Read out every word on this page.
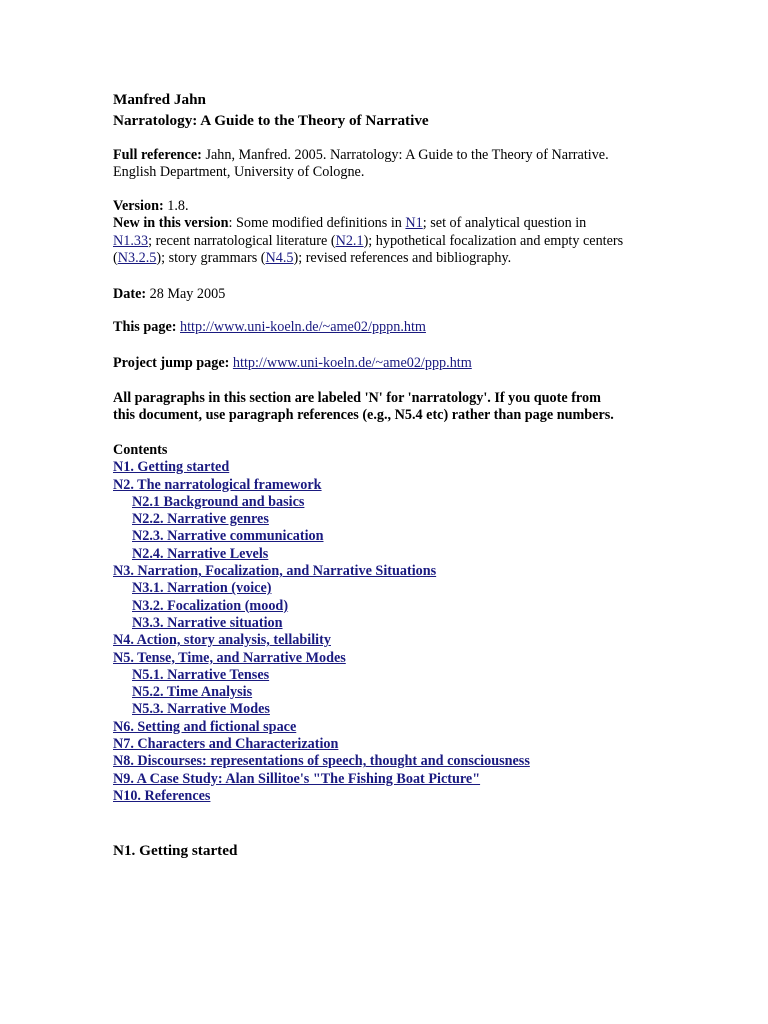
Manfred Jahn
Narratology: A Guide to the Theory of Narrative
Full reference: Jahn, Manfred. 2005. Narratology: A Guide to the Theory of Narrative.
English Department, University of Cologne.
Version: 1.8.
New in this version: Some modified definitions in N1; set of analytical question in
N1.33; recent narratological literature (N2.1); hypothetical focalization and empty centers
(N3.2.5); story grammars (N4.5); revised references and bibliography.
Date: 28 May 2005
This page: http://www.uni-koeln.de/~ame02/pppn.htm
Project jump page: http://www.uni-koeln.de/~ame02/ppp.htm
All paragraphs in this section are labeled 'N' for 'narratology'. If you quote from
this document, use paragraph references (e.g., N5.4 etc) rather than page numbers.
Contents
N1. Getting started
N2. The narratological framework
N2.1 Background and basics
N2.2. Narrative genres
N2.3. Narrative communication
N2.4. Narrative Levels
N3. Narration, Focalization, and Narrative Situations
N3.1. Narration (voice)
N3.2. Focalization (mood)
N3.3. Narrative situation
N4. Action, story analysis, tellability
N5. Tense, Time, and Narrative Modes
N5.1. Narrative Tenses
N5.2. Time Analysis
N5.3. Narrative Modes
N6. Setting and fictional space
N7. Characters and Characterization
N8. Discourses: representations of speech, thought and consciousness
N9. A Case Study: Alan Sillitoe's "The Fishing Boat Picture"
N10. References
N1. Getting started
